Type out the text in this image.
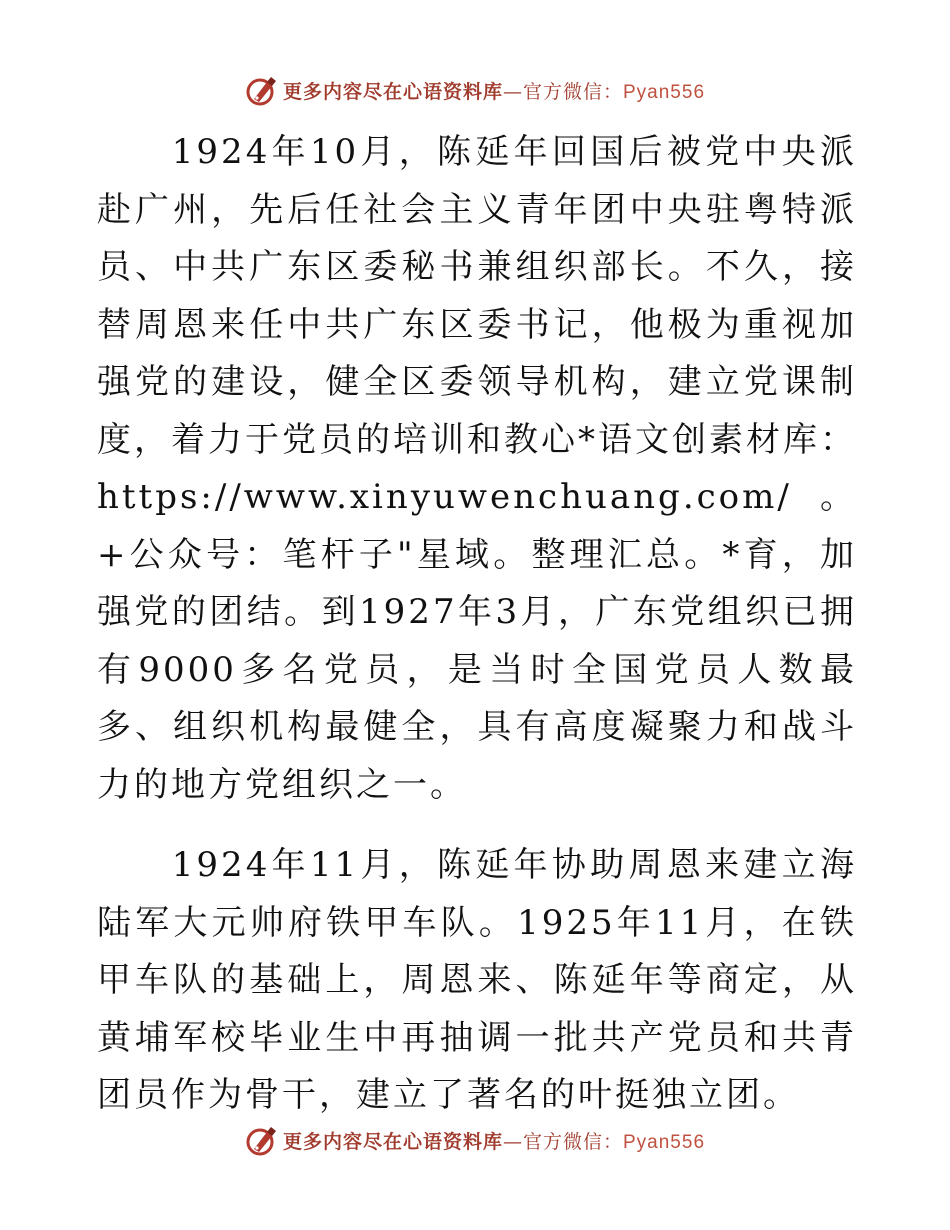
更多内容尽在心语资料库—官方微信：Pyan556

1924年10月，陈延年回国后被党中央派赴广州，先后任社会主义青年团中央驻粤特派员、中共广东区委秘书兼组织部长。不久，接替周恩来任中共广东区委书记，他极为重视加强党的建设，健全区委领导机构，建立党课制度，着力于党员的培训和教心*语文创素材库：https://www.xinyuwenchuang.com/。+公众号：笔杆子"星域。整理汇总。*育，加强党的团结。到1927年3月，广东党组织已拥有9000多名党员，是当时全国党员人数最多、组织机构最健全，具有高度凝聚力和战斗力的地方党组织之一。

1924年11月，陈延年协助周恩来建立海陆军大元帅府铁甲车队。1925年11月，在铁甲车队的基础上，周恩来、陈延年等商定，从黄埔军校毕业生中再抽调一批共产党员和共青团员作为骨干，建立了著名的叶挺独立团。

更多内容尽在心语资料库—官方微信：Pyan556
